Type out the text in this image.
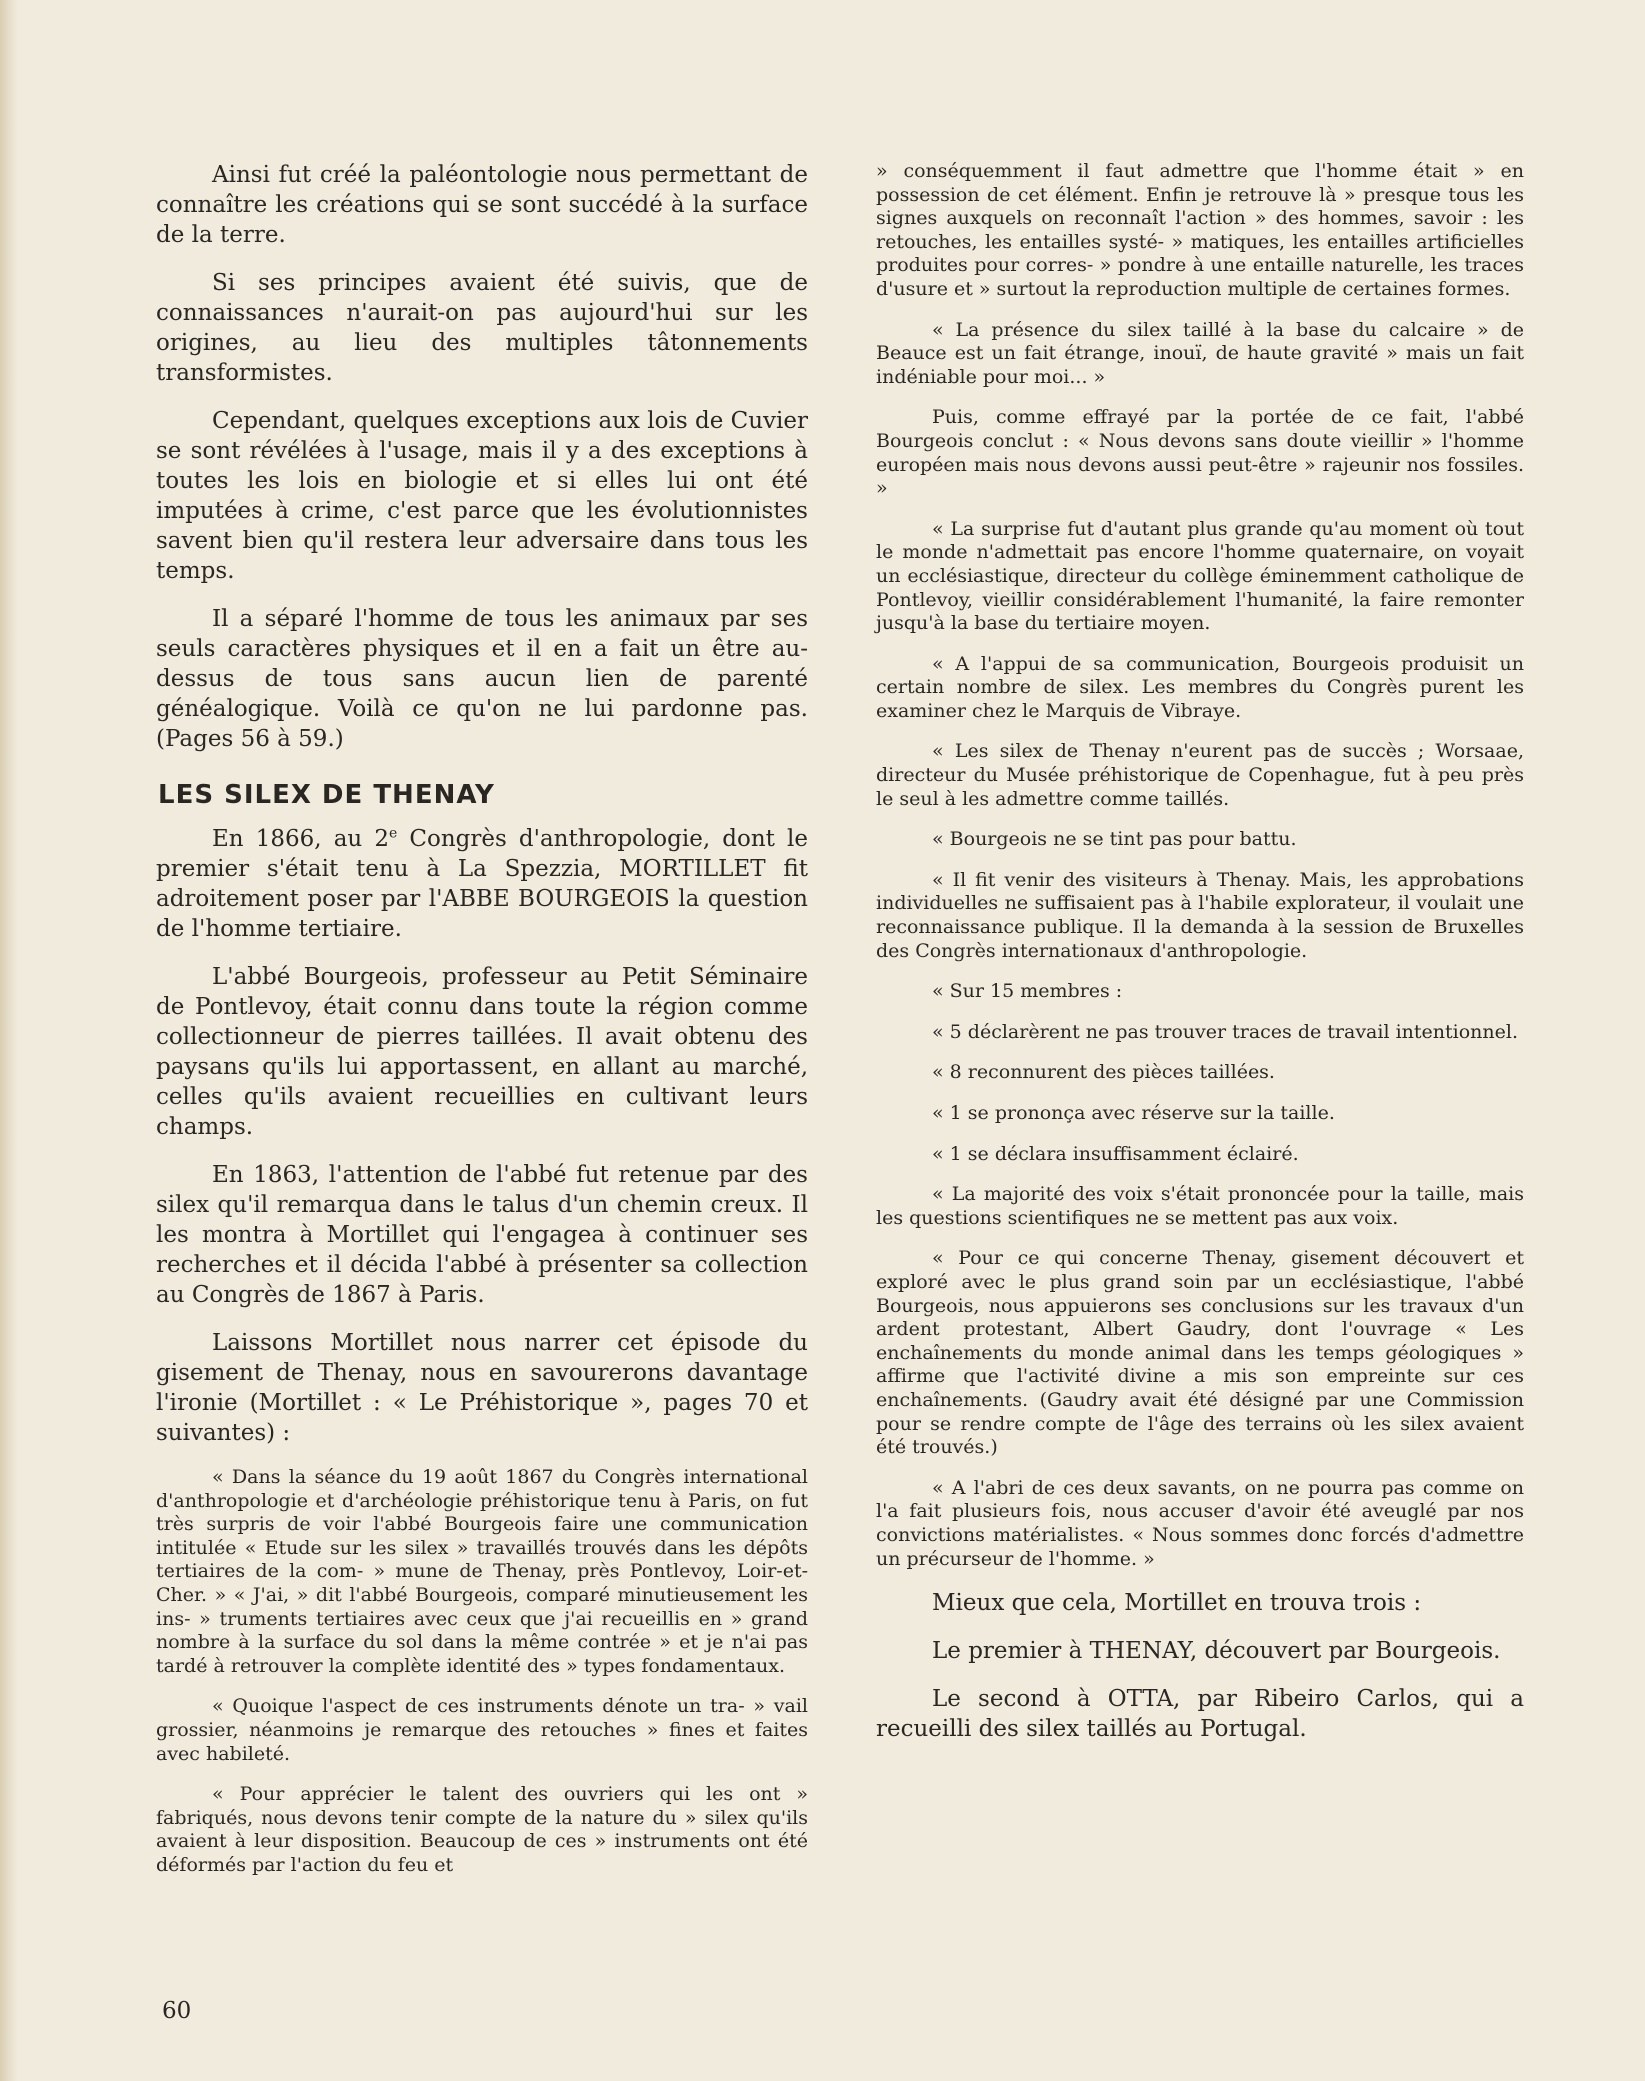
Ainsi fut créé la paléontologie nous permettant de connaître les créations qui se sont succédé à la surface de la terre.

Si ses principes avaient été suivis, que de connaissances n'aurait-on pas aujourd'hui sur les origines, au lieu des multiples tâtonnements transformistes.

Cependant, quelques exceptions aux lois de Cuvier se sont révélées à l'usage, mais il y a des exceptions à toutes les lois en biologie et si elles lui ont été imputées à crime, c'est parce que les évolutionnistes savent bien qu'il restera leur adversaire dans tous les temps.

Il a séparé l'homme de tous les animaux par ses seuls caractères physiques et il en a fait un être au-dessus de tous sans aucun lien de parenté généalogique. Voilà ce qu'on ne lui pardonne pas. (Pages 56 à 59.)

LES SILEX DE THENAY

En 1866, au 2e Congrès d'anthropologie, dont le premier s'était tenu à La Spezzia, MORTILLET fit adroitement poser par l'ABBE BOURGEOIS la question de l'homme tertiaire.

L'abbé Bourgeois, professeur au Petit Séminaire de Pontlevoy, était connu dans toute la région comme collectionneur de pierres taillées. Il avait obtenu des paysans qu'ils lui apportassent, en allant au marché, celles qu'ils avaient recueillies en cultivant leurs champs.

En 1863, l'attention de l'abbé fut retenue par des silex qu'il remarqua dans le talus d'un chemin creux. Il les montra à Mortillet qui l'engagea à continuer ses recherches et il décida l'abbé à présenter sa collection au Congrès de 1867 à Paris.

Laissons Mortillet nous narrer cet épisode du gisement de Thenay, nous en savourerons davantage l'ironie (Mortillet : « Le Préhistorique », pages 70 et suivantes) :

« Dans la séance du 19 août 1867 du Congrès international d'anthropologie et d'archéologie préhistorique tenu à Paris, on fut très surpris de voir l'abbé Bourgeois faire une communication intitulée « Etude sur les silex » travaillés trouvés dans les dépôts tertiaires de la com- » mune de Thenay, près Pontlevoy, Loir-et-Cher. » « J'ai, » dit l'abbé Bourgeois, comparé minutieusement les ins- » truments tertiaires avec ceux que j'ai recueillis en » grand nombre à la surface du sol dans la même contrée » et je n'ai pas tardé à retrouver la complète identité des » types fondamentaux.

« Quoique l'aspect de ces instruments dénote un tra- » vail grossier, néanmoins je remarque des retouches » fines et faites avec habileté.

« Pour apprécier le talent des ouvriers qui les ont » fabriqués, nous devons tenir compte de la nature du » silex qu'ils avaient à leur disposition. Beaucoup de ces » instruments ont été déformés par l'action du feu et

» conséquemment il faut admettre que l'homme était » en possession de cet élément. Enfin je retrouve là » presque tous les signes auxquels on reconnaît l'action » des hommes, savoir : les retouches, les entailles systé- » matiques, les entailles artificielles produites pour corres- » pondre à une entaille naturelle, les traces d'usure et » surtout la reproduction multiple de certaines formes.

« La présence du silex taillé à la base du calcaire » de Beauce est un fait étrange, inouï, de haute gravité » mais un fait indéniable pour moi... »

Puis, comme effrayé par la portée de ce fait, l'abbé Bourgeois conclut : « Nous devons sans doute vieillir » l'homme européen mais nous devons aussi peut-être » rajeunir nos fossiles. »

« La surprise fut d'autant plus grande qu'au moment où tout le monde n'admettait pas encore l'homme quaternaire, on voyait un ecclésiastique, directeur du collège éminemment catholique de Pontlevoy, vieillir considérablement l'humanité, la faire remonter jusqu'à la base du tertiaire moyen.

« A l'appui de sa communication, Bourgeois produisit un certain nombre de silex. Les membres du Congrès purent les examiner chez le Marquis de Vibraye.

« Les silex de Thenay n'eurent pas de succès ; Worsaae, directeur du Musée préhistorique de Copenhague, fut à peu près le seul à les admettre comme taillés.

« Bourgeois ne se tint pas pour battu.

« Il fit venir des visiteurs à Thenay. Mais, les approbations individuelles ne suffisaient pas à l'habile explorateur, il voulait une reconnaissance publique. Il la demanda à la session de Bruxelles des Congrès internationaux d'anthropologie.

« Sur 15 membres :

« 5 déclarèrent ne pas trouver traces de travail intentionnel.

« 8 reconnurent des pièces taillées.

« 1 se prononça avec réserve sur la taille.

« 1 se déclara insuffisamment éclairé.

« La majorité des voix s'était prononcée pour la taille, mais les questions scientifiques ne se mettent pas aux voix.

« Pour ce qui concerne Thenay, gisement découvert et exploré avec le plus grand soin par un ecclésiastique, l'abbé Bourgeois, nous appuierons ses conclusions sur les travaux d'un ardent protestant, Albert Gaudry, dont l'ouvrage « Les enchaînements du monde animal dans les temps géologiques » affirme que l'activité divine a mis son empreinte sur ces enchaînements. (Gaudry avait été désigné par une Commission pour se rendre compte de l'âge des terrains où les silex avaient été trouvés.)

« A l'abri de ces deux savants, on ne pourra pas comme on l'a fait plusieurs fois, nous accuser d'avoir été aveuglé par nos convictions matérialistes. « Nous sommes donc forcés d'admettre un précurseur de l'homme. »

Mieux que cela, Mortillet en trouva trois :

Le premier à THENAY, découvert par Bourgeois.

Le second à OTTA, par Ribeiro Carlos, qui a recueilli des silex taillés au Portugal.

60
